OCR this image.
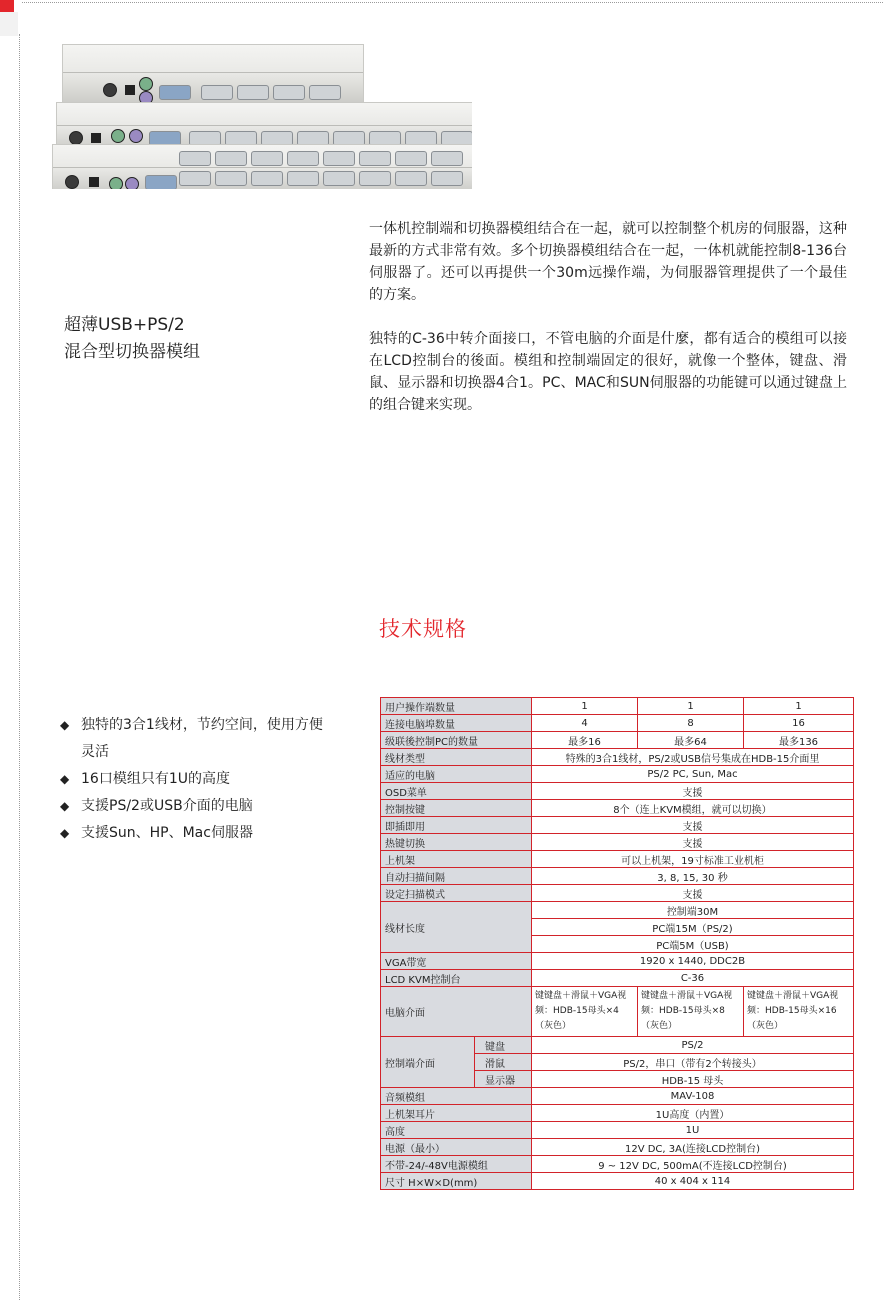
超薄USB+PS/2
混合型切换器模组

一体机控制端和切换器模组结合在一起，就可以控制整个机房的伺服器，这种最新的方式非常有效。多个切换器模组结合在一起，一体机就能控制8-136台伺服器了。还可以再提供一个30m远操作端，为伺服器管理提供了一个最佳的方案。

独特的C-36中转介面接口，不管电脑的介面是什麼，都有适合的模组可以接在LCD控制台的後面。模组和控制端固定的很好，就像一个整体，键盘、滑鼠、显示器和切换器4合1。PC、MAC和SUN伺服器的功能键可以通过键盘上的组合键来实现。

技术规格
◆ 独特的3合1线材，节约空间，使用方便灵活
◆ 16口模组只有1U的高度
◆ 支援PS/2或USB介面的电脑
◆ 支援Sun、HP、Mac伺服器
用户操作端数量		1	1	1
连接电脑埠数量		4	8	16
级联後控制PC的数量		最多16	最多64	最多136
线材类型		特殊的3合1线材，PS/2或USB信号集成在HDB-15介面里		
适应的电脑		PS/2 PC, Sun, Mac		
OSD菜单		支援		
控制按键		8个（连上KVM模组，就可以切换）		
即插即用		支援		
热键切换		支援		
上机架		可以上机架，19寸标准工业机柜		
自动扫描间隔		3, 8, 15, 30 秒		
设定扫描模式		支援		
线材长度		控制端30M		
		PC端15M（PS/2)		
		PC端5M（USB)		
VGA带宽		1920 x 1440, DDC2B		
LCD KVM控制台		C-36		
电脑介面		键键盘＋滑鼠＋VGA视频：HDB-15母头×4（灰色）	键键盘＋滑鼠＋VGA视频：HDB-15母头×8（灰色）	键键盘＋滑鼠＋VGA视频：HDB-15母头×16（灰色）
控制端介面	键盘	PS/2		
	滑鼠	PS/2，串口（带有2个转接头）		
	显示器	HDB-15 母头		
音频模组		MAV-108		
上机架耳片		1U高度（内置）		
高度		1U		
电源（最小）		12V DC, 3A(连接LCD控制台)		
不带-24/-48V电源模组		9 ~ 12V DC, 500mA(不连接LCD控制台)		
尺寸 H×W×D(mm)		40 x 404 x 114		
